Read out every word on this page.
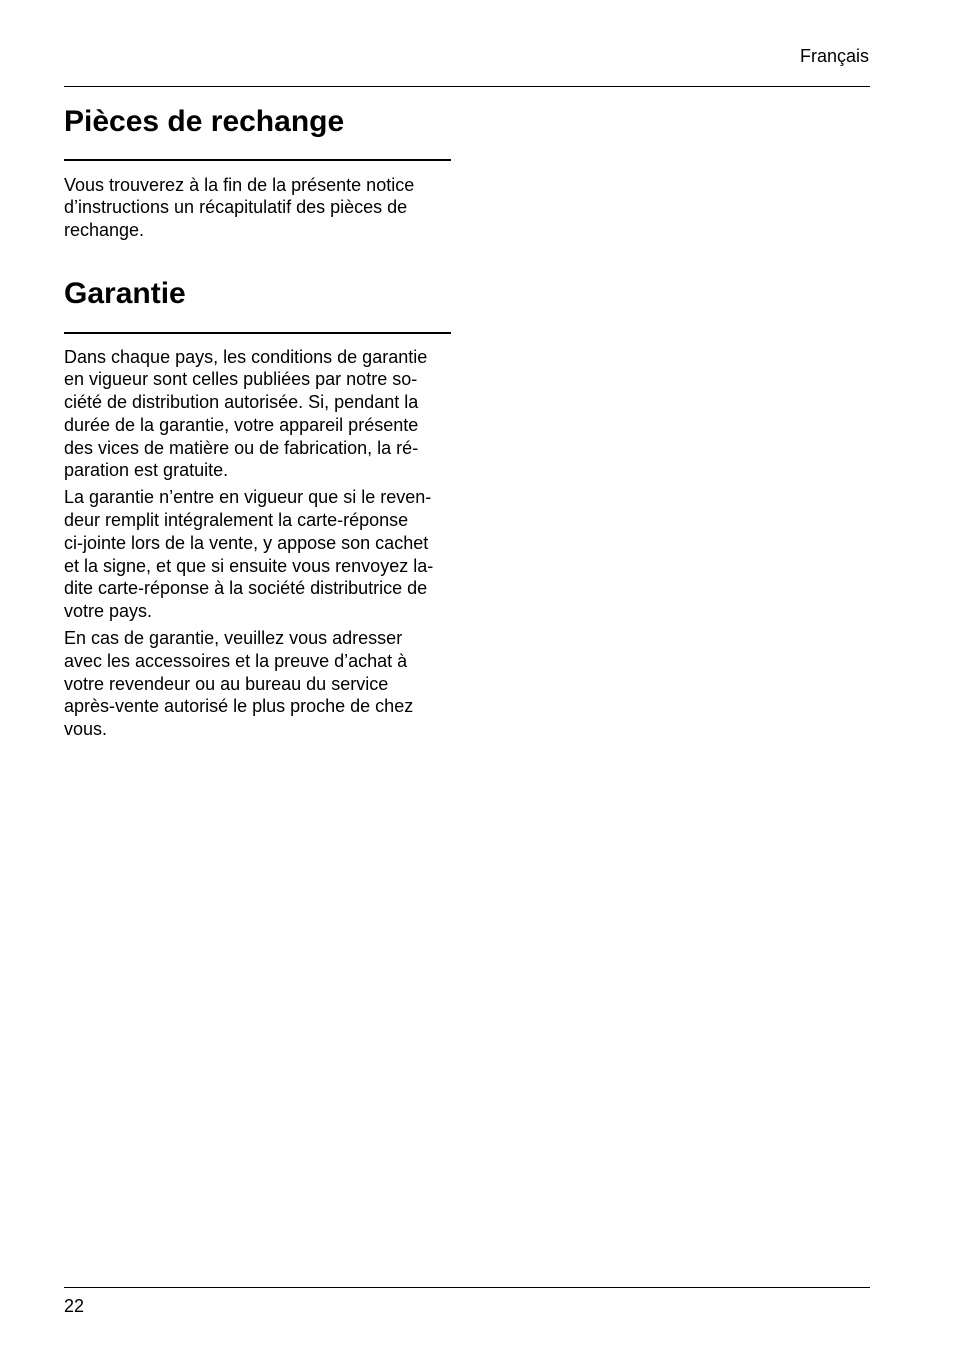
Français
Pièces de rechange

Vous trouverez à la fin de la présente notice
d’instructions un récapitulatif des pièces de
rechange.

Garantie

Dans chaque pays, les conditions de garantie
en vigueur sont celles publiées par notre so-
ciété de distribution autorisée. Si, pendant la
durée de la garantie, votre appareil présente
des vices de matière ou de fabrication, la ré-
paration est gratuite.

La garantie n’entre en vigueur que si le reven-
deur remplit intégralement la carte-réponse
ci-jointe lors de la vente, y appose son cachet
et la signe, et que si ensuite vous renvoyez la-
dite carte-réponse à la société distributrice de
votre pays.

En cas de garantie, veuillez vous adresser
avec les accessoires et la preuve d’achat à
votre revendeur ou au bureau du service
après-vente autorisé le plus proche de chez
vous.

22
